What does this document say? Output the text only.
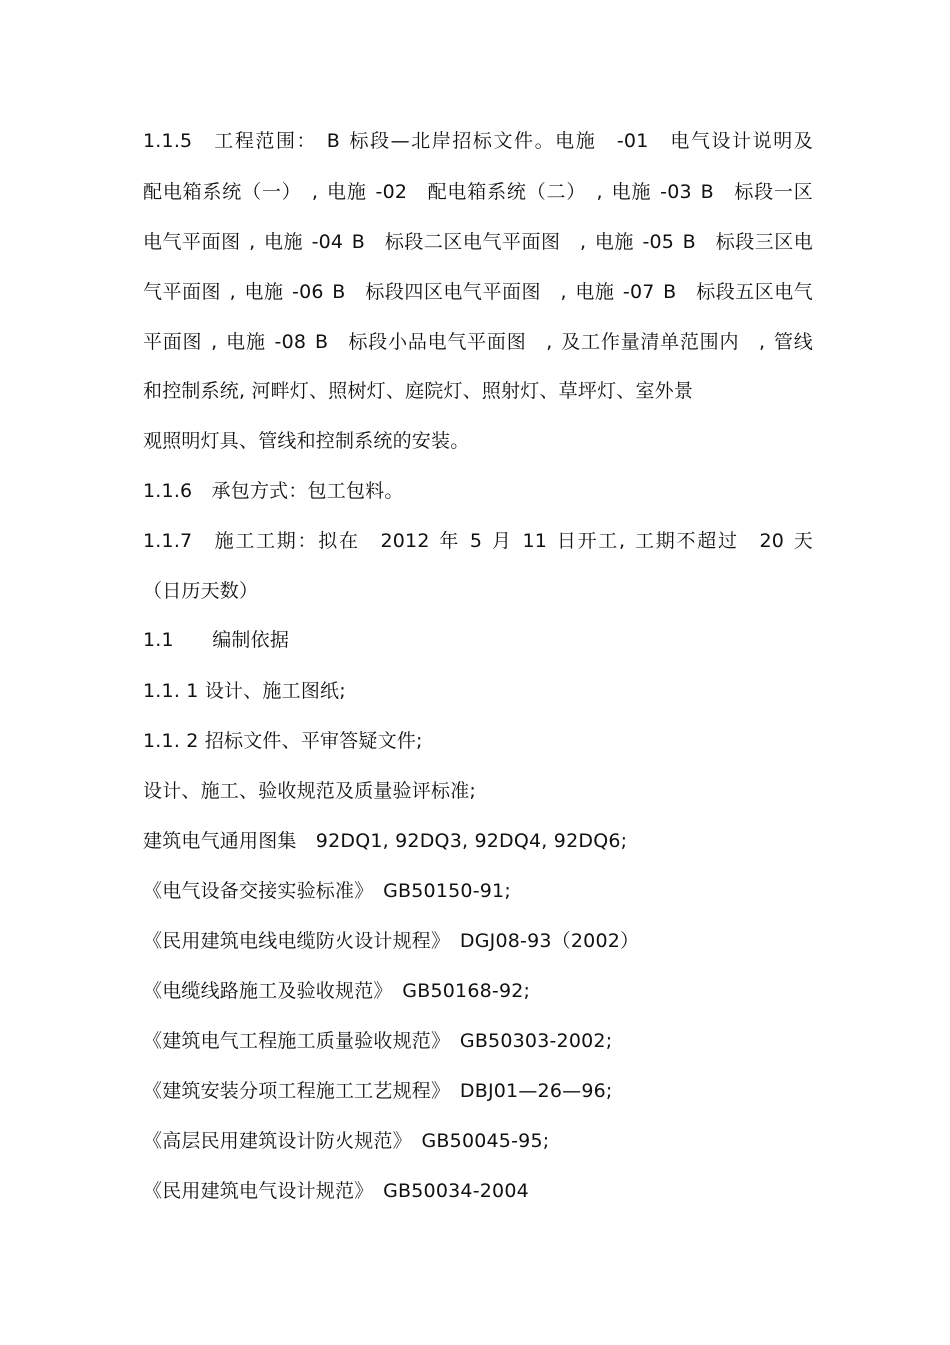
1.1.5　工程范围： B 标段—北岸招标文件。电施　-01　电气设计说明及
配电箱系统（一）　, 电施 -02　配电箱系统（二）　, 电施 -03 B　标段一区
电气平面图 , 电施 -04 B　标段二区电气平面图　, 电施 -05 B　标段三区电
气平面图 , 电施 -06 B　标段四区电气平面图　, 电施 -07 B　标段五区电气
平面图 , 电施 -08 B　标段小品电气平面图　, 及工作量清单范围内　, 管线
和控制系统, 河畔灯、照树灯、庭院灯、照射灯、草坪灯、室外景
观照明灯具、管线和控制系统的安装。
1.1.6　承包方式：包工包料。
1.1.7　施工工期：拟在　2012 年 5 月 11 日开工, 工期不超过　20 天
（日历天数）
1.1　　编制依据
1.1. 1 设计、施工图纸;
1.1. 2 招标文件、平审答疑文件;
设计、施工、验收规范及质量验评标准;
建筑电气通用图集　92DQ1, 92DQ3, 92DQ4, 92DQ6;
《电气设备交接实验标准》　GB50150-91;
《民用建筑电线电缆防火设计规程》　DGJ08-93（2002）
《电缆线路施工及验收规范》　GB50168-92;
《建筑电气工程施工质量验收规范》　GB50303-2002;
《建筑安装分项工程施工工艺规程》　DBJ01—26—96;
《高层民用建筑设计防火规范》　GB50045-95;
《民用建筑电气设计规范》　GB50034-2004
